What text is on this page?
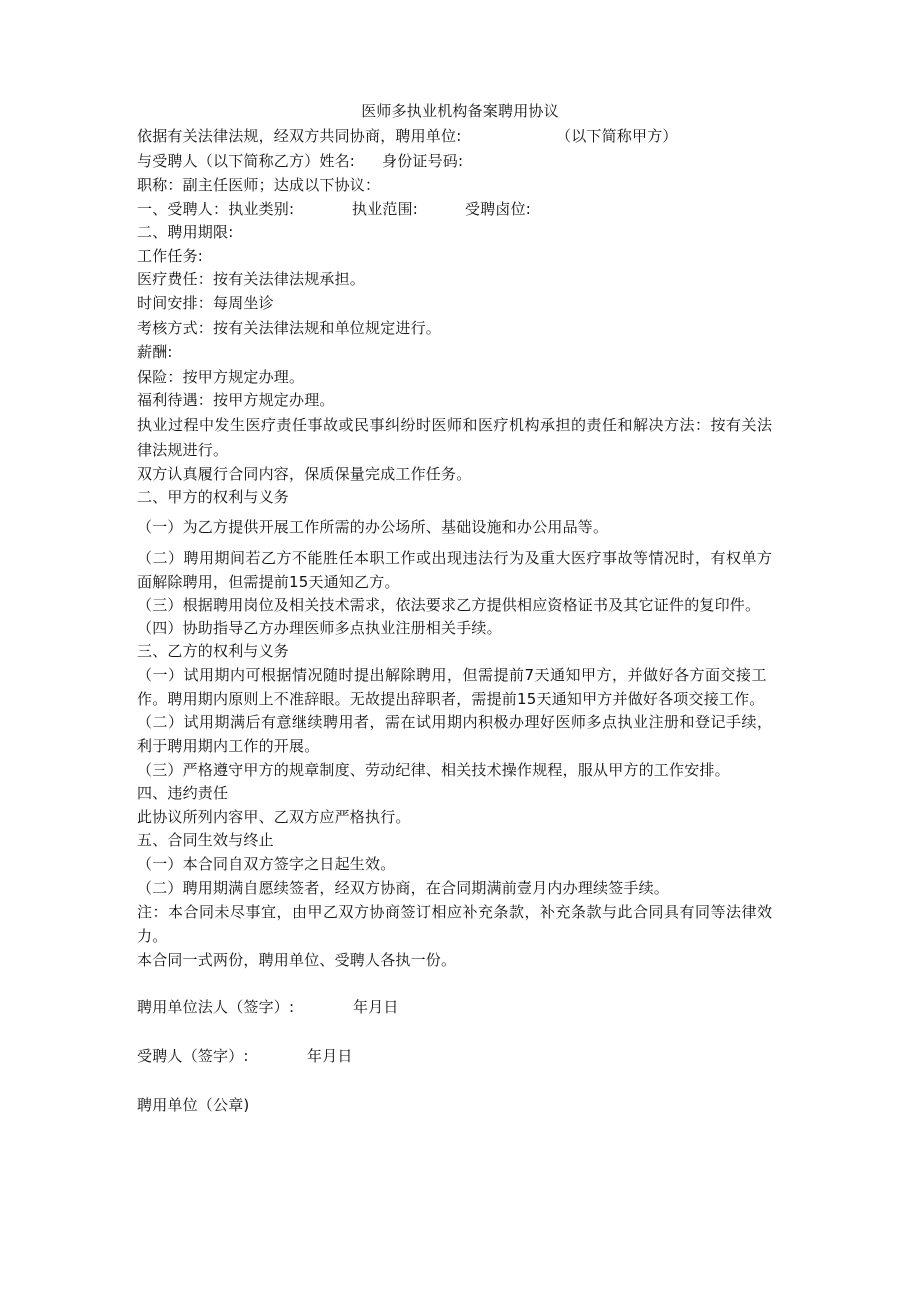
医师多执业机构备案聘用协议
依据有关法律法规，经双方共同协商，聘用单位:	（以下简称甲方）
与受聘人（以下简称乙方）姓名: 身份证号码:
职称：副主任医师；达成以下协议：
一、受聘人：执业类别:	执业范围:	受聘卤位:
二、聘用期限:
工作任务:
医疗费任：按有关法律法规承担。
时间安排：每周坐诊
考核方式：按有关法律法规和单位规定进行。
薪酬:
保险：按甲方规定办理。
福利待遇：按甲方规定办理。
执业过程中发生医疗责任事故或民事纠纷时医师和医疗机构承担的责任和解决方法：按有关法
律法规进行。
双方认真履行合同内容，保质保量完成工作任务。
二、甲方的权利与义务
（一）为乙方提供开展工作所需的办公场所、基础设施和办公用品等。
（二）聘用期间若乙方不能胜任本职工作或出现违法行为及重大医疗事故等情况时，有权单方
面解除聘用，但需提前15天通知乙方。
（三）根据聘用岗位及相关技术需求，依法要求乙方提供相应资格证书及其它证件的复印件。
（四）协助指导乙方办理医师多点执业注册相关手续。
三、乙方的权利与义务
（一）试用期内可根据情况随时提出解除聘用，但需提前7天通知甲方，并做好各方面交接工
作。聘用期内原则上不准辞眼。无故提出辞职者，需提前15天通知甲方并做好各项交接工作。
（二）试用期满后有意继续聘用者，需在试用期内积极办理好医师多点执业注册和登记手续，
利于聘用期内工作的开展。
（三）严格遵守甲方的规章制度、劳动纪律、相关技术操作规程，服从甲方的工作安排。
四、违约责任
此协议所列内容甲、乙双方应严格执行。
五、合同生效与终止
（一）本合同自双方签字之日起生效。
（二）聘用期满自愿续签者，经双方协商，在合同期满前壹月内办理续签手续。
注：本合同未尽事宜，由甲乙双方协商签订相应补充条款，补充条款与此合同具有同等法律效
力。
本合同一式两份，聘用单位、受聘人各执一份。
聘用单位法人（签字）:	年月日
受聘人（签字）:	年月日
聘用单位（公章)
